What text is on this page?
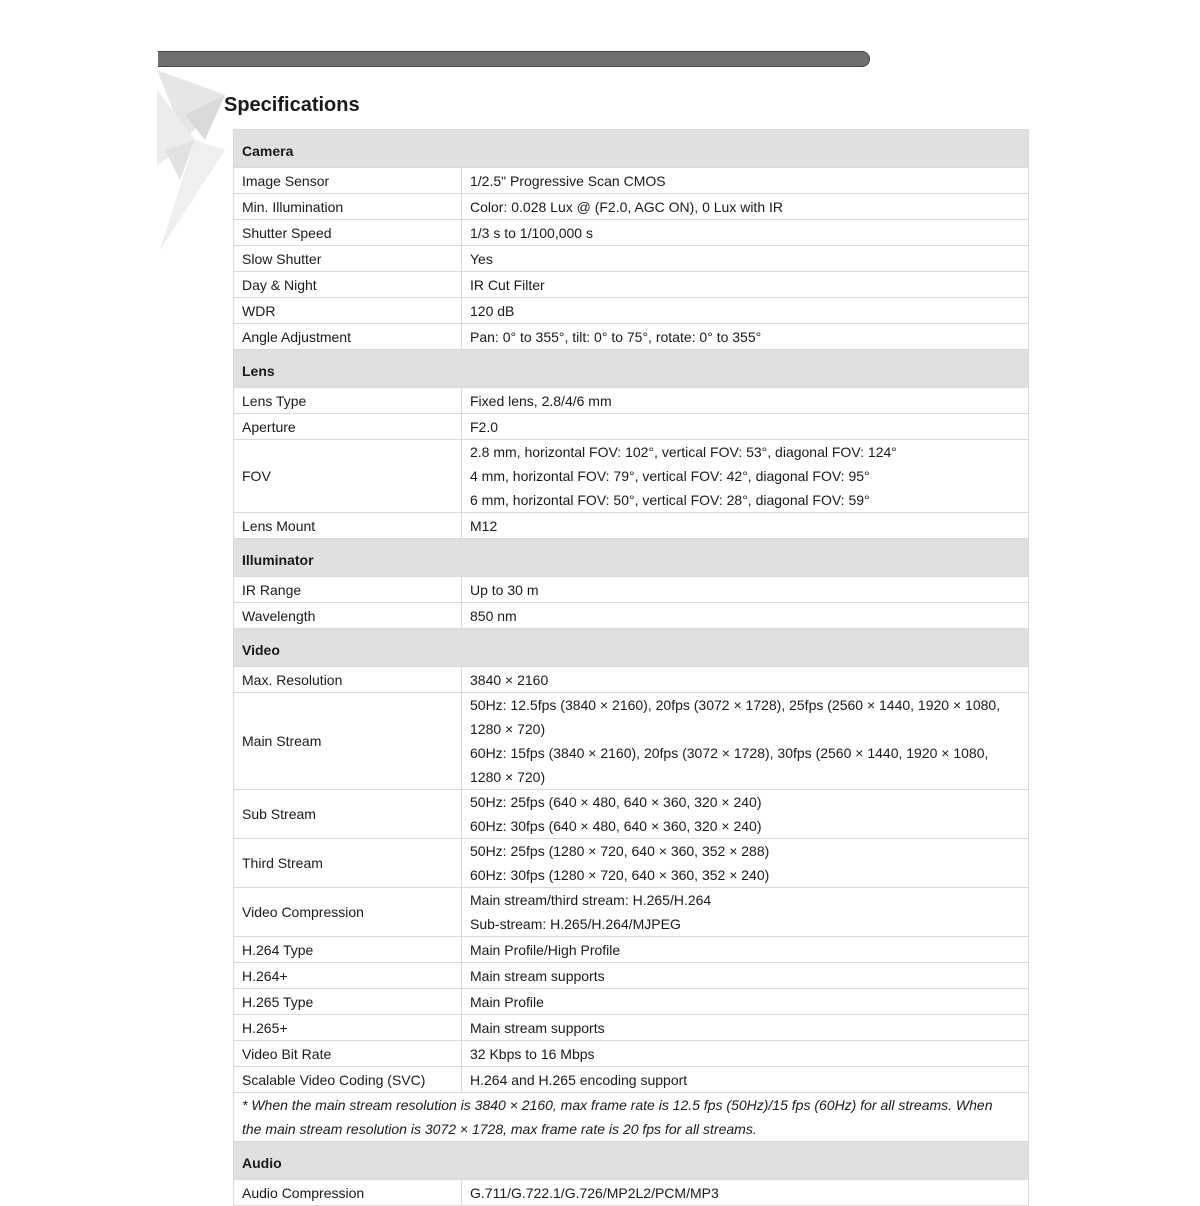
Specifications
Camera	
Image Sensor	1/2.5" Progressive Scan CMOS

Min. Illumination	Color: 0.028 Lux @ (F2.0, AGC ON), 0 Lux with IR

Shutter Speed	1/3 s to 1/100,000 s

Slow Shutter	Yes

Day & Night	IR Cut Filter

WDR	120 dB

Angle Adjustment	Pan: 0° to 355°, tilt: 0° to 75°, rotate: 0° to 355°

Lens	
Lens Type	Fixed lens, 2.8/4/6 mm

Aperture	F2.0

FOV	2.8 mm, horizontal FOV: 102°, vertical FOV: 53°, diagonal FOV: 124°
4 mm, horizontal FOV: 79°, vertical FOV: 42°, diagonal FOV: 95°
6 mm, horizontal FOV: 50°, vertical FOV: 28°, diagonal FOV: 59°

Lens Mount	M12

Illuminator	
IR Range	Up to 30 m

Wavelength	850 nm

Video	
Max. Resolution	3840 × 2160

Main Stream	50Hz: 12.5fps (3840 × 2160), 20fps (3072 × 1728), 25fps (2560 × 1440, 1920 × 1080,
1280 × 720)
60Hz: 15fps (3840 × 2160), 20fps (3072 × 1728), 30fps (2560 × 1440, 1920 × 1080,
1280 × 720)

Sub Stream	50Hz: 25fps (640 × 480, 640 × 360, 320 × 240)
60Hz: 30fps (640 × 480, 640 × 360, 320 × 240)

Third Stream	50Hz: 25fps (1280 × 720, 640 × 360, 352 × 288)
60Hz: 30fps (1280 × 720, 640 × 360, 352 × 240)

Video Compression	Main stream/third stream: H.265/H.264
Sub-stream: H.265/H.264/MJPEG

H.264 Type	Main Profile/High Profile

H.264+	Main stream supports

H.265 Type	Main Profile

H.265+	Main stream supports

Video Bit Rate	32 Kbps to 16 Mbps

Scalable Video Coding (SVC)	H.264 and H.265 encoding support

* When the main stream resolution is 3840 × 2160, max frame rate is 12.5 fps (50Hz)/15 fps (60Hz) for all streams. When
the main stream resolution is 3072 × 1728, max frame rate is 20 fps for all streams.	

Audio	
Audio Compression	G.711/G.722.1/G.726/MP2L2/PCM/MP3
